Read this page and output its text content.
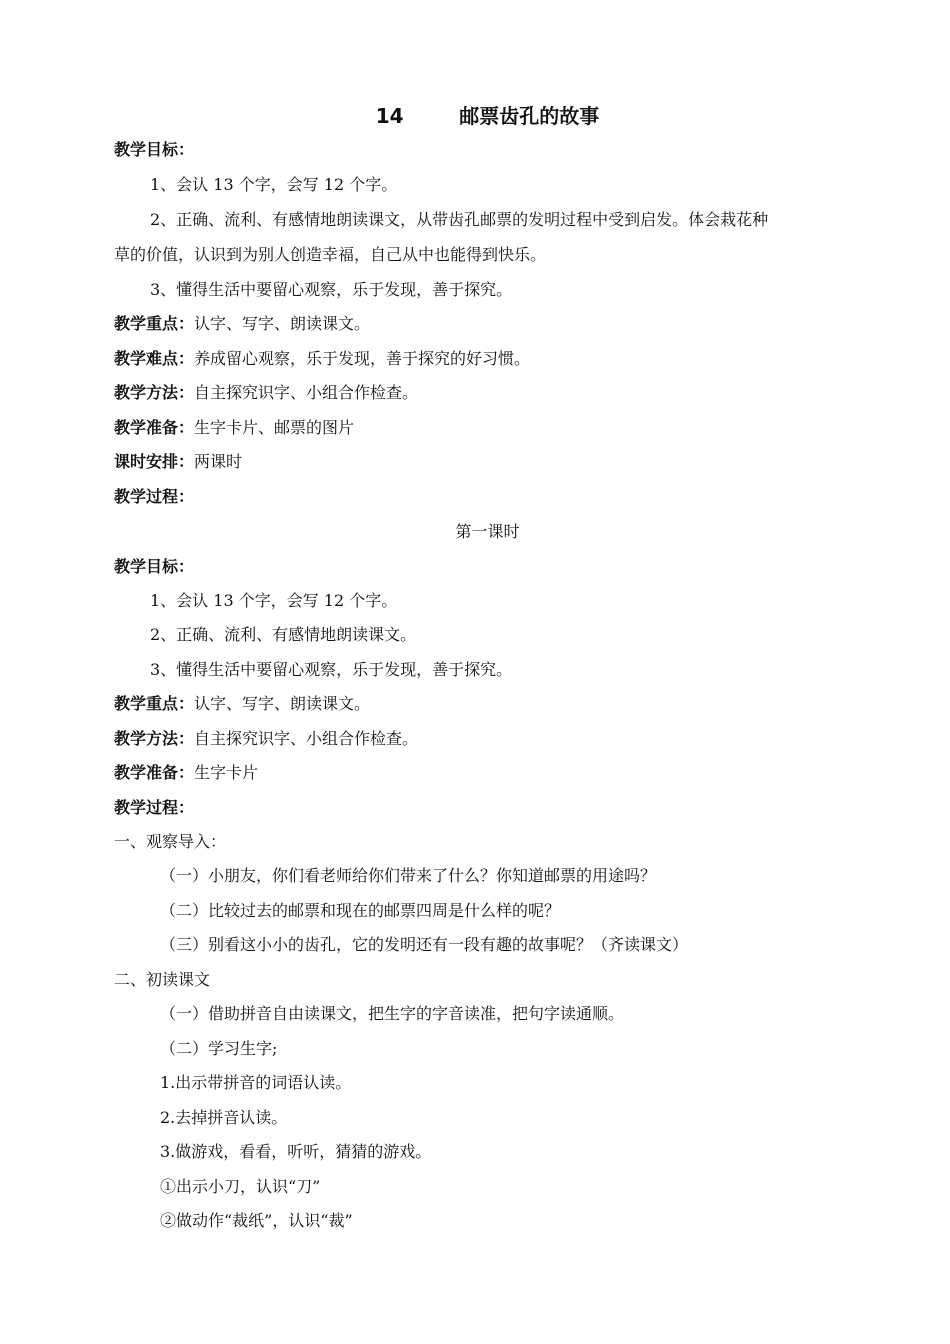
14        邮票齿孔的故事
教学目标：
1、会认 13 个字，会写 12 个字。
2、正确、流利、有感情地朗读课文，从带齿孔邮票的发明过程中受到启发。体会栽花种
草的价值，认识到为别人创造幸福，自己从中也能得到快乐。
3、懂得生活中要留心观察，乐于发现，善于探究。
教学重点：认字、写字、朗读课文。
教学难点：养成留心观察，乐于发现，善于探究的好习惯。
教学方法：自主探究识字、小组合作检查。
教学准备：生字卡片、邮票的图片
课时安排：两课时
教学过程：
第一课时
教学目标：
1、会认 13 个字，会写 12 个字。
2、正确、流利、有感情地朗读课文。
3、懂得生活中要留心观察，乐于发现，善于探究。
教学重点：认字、写字、朗读课文。
教学方法：自主探究识字、小组合作检查。
教学准备：生字卡片
教学过程：
一、观察导入：
（一）小朋友，你们看老师给你们带来了什么？你知道邮票的用途吗？
（二）比较过去的邮票和现在的邮票四周是什么样的呢？
（三）别看这小小的齿孔，它的发明还有一段有趣的故事呢？（齐读课文）
二、初读课文
（一）借助拼音自由读课文，把生字的字音读准，把句字读通顺。
（二）学习生字;
1.出示带拼音的词语认读。
2.去掉拼音认读。
3.做游戏，看看，听听，猜猜的游戏。
①出示小刀，认识“刀”
②做动作“裁纸”，认识“裁”
